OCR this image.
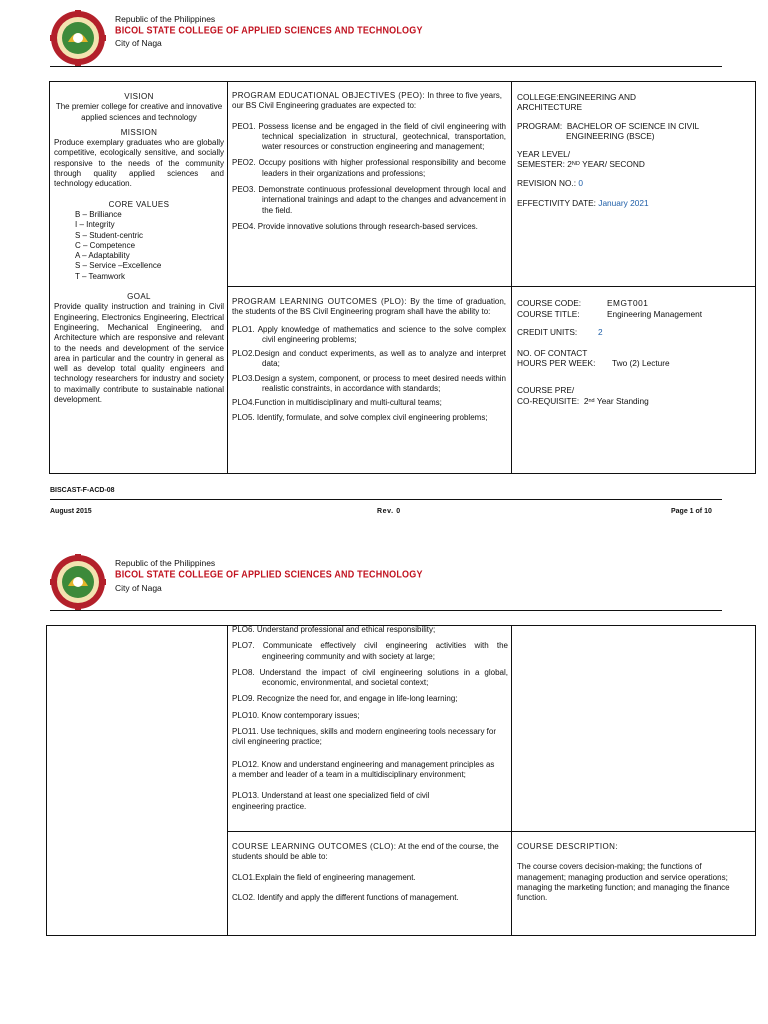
Republic of the Philippines
BICOL STATE COLLEGE OF APPLIED SCIENCES AND TECHNOLOGY
City of Naga

VISION

The premier college for creative and innovative applied sciences and technology

MISSION

Produce exemplary graduates who are globally competitive, ecologically sensitive, and socially responsive to the needs of the community through quality applied sciences and technology education.

CORE VALUES

B – Brilliance

I – Integrity

S – Student-centric

C – Competence

A – Adaptability

S – Service –Excellence

T – Teamwork

GOAL

Provide quality instruction and training in Civil Engineering, Electronics Engineering, Electrical Engineering, Mechanical Engineering, and Architecture which are responsive and relevant to the needs and development of the service area in particular and the country in general as well as develop total quality engineers and technology researchers for industry and society to maximally contribute to sustainable national development.

PROGRAM EDUCATIONAL OBJECTIVES (PEO): In three to five years, our BS Civil Engineering graduates are expected to:

PEO1. Possess license and be engaged in the field of civil engineering with technical specialization in structural, geotechnical, transportation, water resources or construction engineering and management;

PEO2. Occupy positions with higher professional responsibility and become leaders in their organizations and professions;

PEO3. Demonstrate continuous professional development through local and international trainings and adapt to the changes and advancement in the field.

PEO4. Provide innovative solutions through research-based services.

PROGRAM LEARNING OUTCOMES (PLO): By the time of graduation, the students of the BS Civil Engineering program shall have the ability to:

PLO1. Apply knowledge of mathematics and science to the solve complex civil engineering problems;

PLO2.Design and conduct experiments, as well as to analyze and interpret data;

PLO3.Design a system, component, or process to meet desired needs within realistic constraints, in accordance with standards;

PLO4.Function in multidisciplinary and multi-cultural teams;

PLO5. Identify, formulate, and solve complex civil engineering problems;

COLLEGE:ENGINEERING AND ARCHITECTURE

PROGRAM: BACHELOR OF SCIENCE IN CIVIL ENGINEERING (BSCE)

YEAR LEVEL/

SEMESTER: 2ND YEAR/ SECOND

REVISION NO.: 0

EFFECTIVITY DATE: January 2021

COURSE CODE:	EMGT001
COURSE TITLE:	Engineering Management
CREDIT UNITS:	2

NO. OF CONTACT

HOURS PER WEEK: Two (2) Lecture

COURSE PRE/

CO-REQUISITE: 2nd Year Standing

BISCAST-F-ACD-08
August 2015	Rev. 0	Page 1 of 10
Republic of the Philippines
BICOL STATE COLLEGE OF APPLIED SCIENCES AND TECHNOLOGY
City of Naga

PLO6. Understand professional and ethical responsibility;

PLO7. Communicate effectively civil engineering activities with the engineering community and with society at large;

PLO8. Understand the impact of civil engineering solutions in a global, economic, environmental, and societal context;

PLO9. Recognize the need for, and engage in life-long learning;

PLO10. Know contemporary issues;

PLO11. Use techniques, skills and modern engineering tools necessary for civil engineering practice;

PLO12. Know and understand engineering and management principles as a member and leader of a team in a multidisciplinary environment;

PLO13. Understand at least one specialized field of civil engineering practice.

COURSE LEARNING OUTCOMES (CLO): At the end of the course, the students should be able to:

CLO1.Explain the field of engineering management.

CLO2. Identify and apply the different functions of management.

COURSE DESCRIPTION:

The course covers decision-making; the functions of management; managing production and service operations; managing the marketing function; and managing the finance function.
